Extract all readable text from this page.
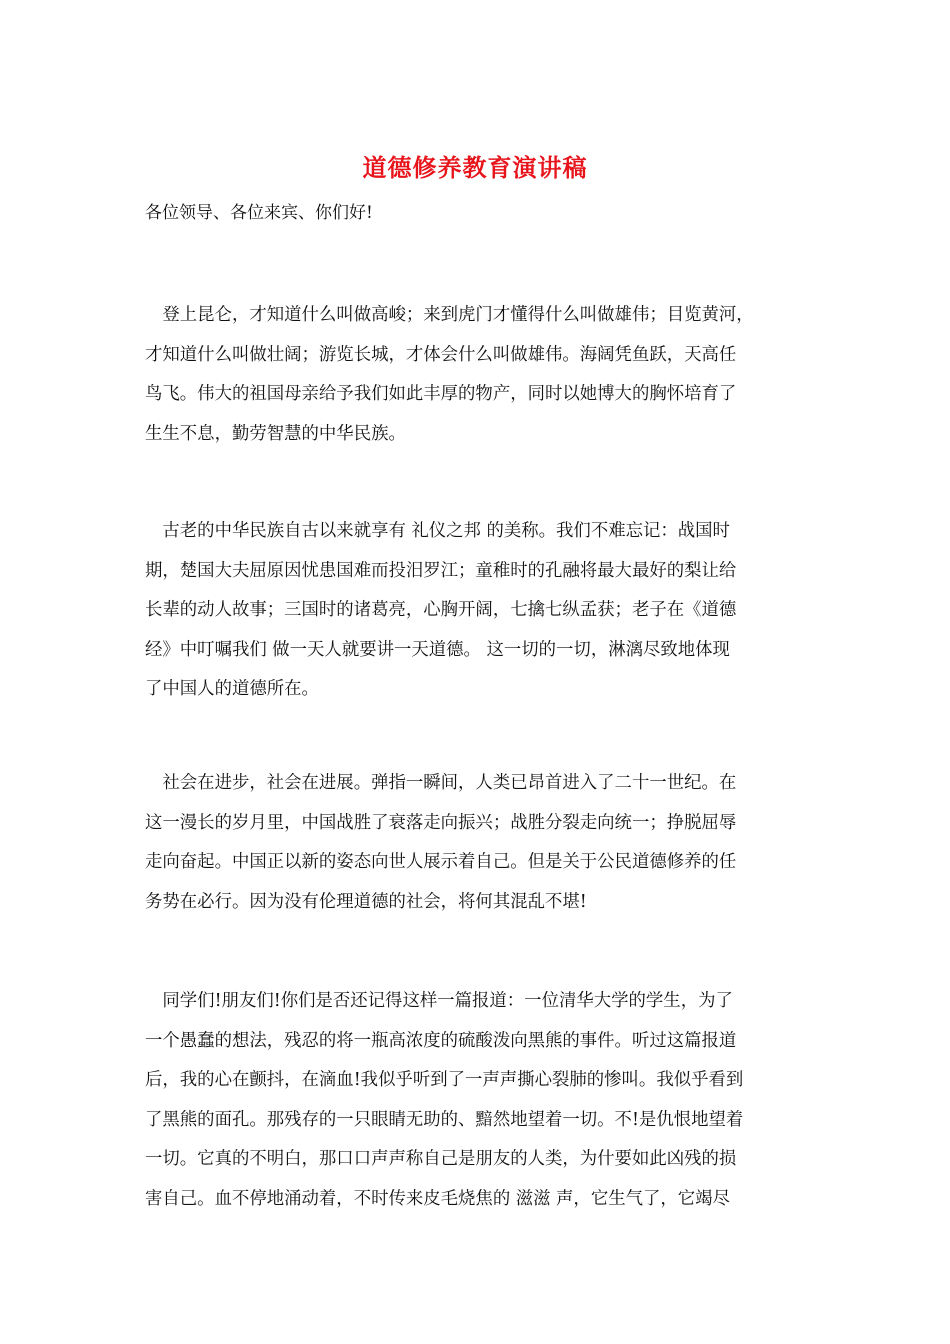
道德修养教育演讲稿
各位领导、各位来宾、你们好!
　登上昆仑，才知道什么叫做高峻；来到虎门才懂得什么叫做雄伟；目览黄河，
才知道什么叫做壮阔；游览长城，才体会什么叫做雄伟。海阔凭鱼跃，天高任
鸟飞。伟大的祖国母亲给予我们如此丰厚的物产，同时以她博大的胸怀培育了
生生不息，勤劳智慧的中华民族。
　古老的中华民族自古以来就享有 礼仪之邦 的美称。我们不难忘记：战国时
期，楚国大夫屈原因忧患国难而投汨罗江；童稚时的孔融将最大最好的梨让给
长辈的动人故事；三国时的诸葛亮，心胸开阔，七擒七纵孟获；老子在《道德
经》中叮嘱我们 做一天人就要讲一天道德。 这一切的一切，淋漓尽致地体现
了中国人的道德所在。
　社会在进步，社会在进展。弹指一瞬间，人类已昂首进入了二十一世纪。在
这一漫长的岁月里，中国战胜了衰落走向振兴；战胜分裂走向统一；挣脱屈辱
走向奋起。中国正以新的姿态向世人展示着自己。但是关于公民道德修养的任
务势在必行。因为没有伦理道德的社会，将何其混乱不堪!
　同学们!朋友们!你们是否还记得这样一篇报道：一位清华大学的学生，为了
一个愚蠢的想法，残忍的将一瓶高浓度的硫酸泼向黑熊的事件。听过这篇报道
后，我的心在颤抖，在滴血!我似乎听到了一声声撕心裂肺的惨叫。我似乎看到
了黑熊的面孔。那残存的一只眼睛无助的、黯然地望着一切。不!是仇恨地望着
一切。它真的不明白，那口口声声称自己是朋友的人类，为什要如此凶残的损
害自己。血不停地涌动着，不时传来皮毛烧焦的 滋滋 声，它生气了，它竭尽
